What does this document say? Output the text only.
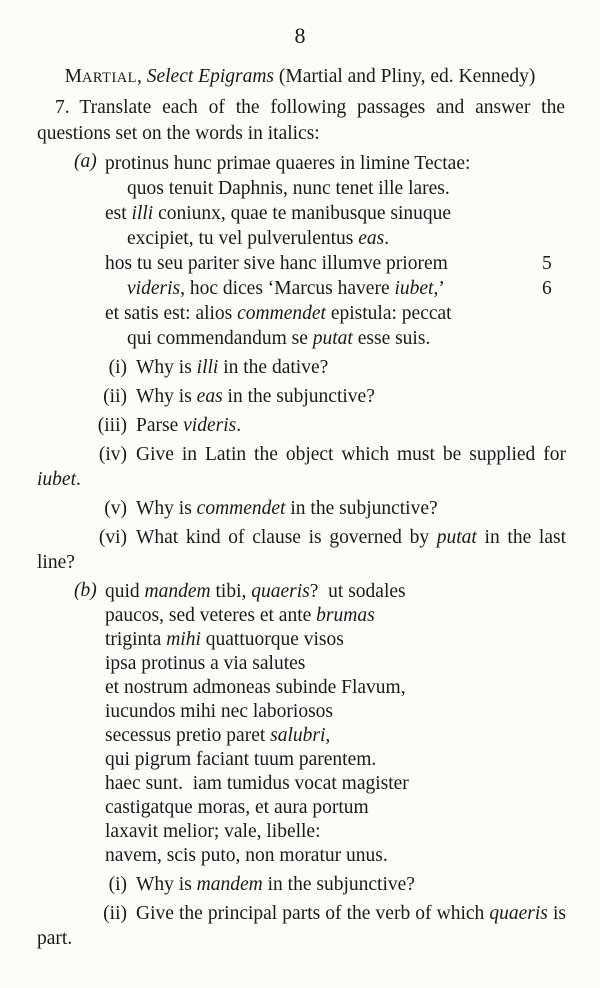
8
MARTIAL, Select Epigrams (Martial and Pliny, ed. Kennedy)

7. Translate each of the following passages and answer the questions set on the words in italics:

(a) protinus hunc primae quaeres in limine Tectae:
quos tenuit Daphnis, nunc tenet ille lares.
est illi coniunx, quae te manibusque sinuque
excipiet, tu vel pulverulentus eas.
hos tu seu pariter sive hanc illumve priorem	5
videris, hoc dices ‘Marcus havere iubet,’	6
et satis est: alios commendet epistula: peccat
qui commendandum se putat esse suis.

(i) Why is illi in the dative?

(ii) Why is eas in the subjunctive?

(iii) Parse videris.

(iv) Give in Latin the object which must be supplied for iubet.

(v) Why is commendet in the subjunctive?

(vi) What kind of clause is governed by putat in the last line?

(b) quid mandem tibi, quaeris? ut sodales
paucos, sed veteres et ante brumas
triginta mihi quattuorque visos
ipsa protinus a via salutes
et nostrum admoneas subinde Flavum,
iucundos mihi nec laboriosos
secessus pretio paret salubri,
qui pigrum faciant tuum parentem.
haec sunt. iam tumidus vocat magister
castigatque moras, et aura portum
laxavit melior; vale, libelle:
navem, scis puto, non moratur unus.

(i) Why is mandem in the subjunctive?

(ii) Give the principal parts of the verb of which quaeris is part.
